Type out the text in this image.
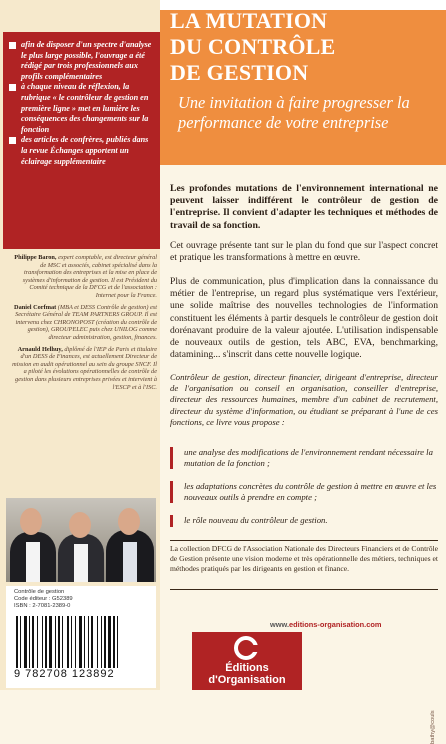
afin de disposer d'un spectre d'analyse le plus large possible, l'ouvrage a été rédigé par trois professionnels aux profils complémentaires
à chaque niveau de réflexion, la rubrique « le contrôleur de gestion en première ligne » met en lumière les conséquences des changements sur la fonction
des articles de confrères, publiés dans la revue Échanges apportent un éclairage supplémentaire
Philippe Baron, expert comptable, est directeur général de MSC et associés, cabinet spécialisé dans la transformation des entreprises et la mise en place de systèmes d'information de gestion. Il est Président du Comité technique de la DFCG et de l'association : Internet pour la France.
Daniel Corfmat (MBA et DESS Contrôle de gestion) est Secrétaire Général de TEAM PARTNERS GROUP. Il est intervenu chez CHRONOPOST (création du contrôle de gestion), GROUPELEC puis chez UNILOG comme directeur administration, gestion, finances.
Arnauld Helhuy, diplômé de l'IEP de Paris et titulaire d'un DESS de Finances, est actuellement Directeur de mission en audit opérationnel au sein du groupe SNCF. Il a piloté les évolutions opérationnelles de contrôle de gestion dans plusieurs entreprises privées et intervient à l'ESCP et à l'ISC.
Contrôle de gestion
Code éditeur : G52389
ISBN : 2-7081-2389-0
9 782708 123892
LA MUTATION
DU CONTRÔLE
DE GESTION
Une invitation à faire progresser la performance de votre entreprise
Les profondes mutations de l'environnement international ne peuvent laisser indifférent le contrôleur de gestion de l'entreprise. Il convient d'adapter les techniques et méthodes de travail de sa fonction.
Cet ouvrage présente tant sur le plan du fond que sur l'aspect concret et pratique les transformations à mettre en œuvre.
Plus de communication, plus d'implication dans la connaissance du métier de l'entreprise, un regard plus systématique vers l'extérieur, une solide maîtrise des nouvelles technologies de l'information constituent les éléments à partir desquels le contrôleur de gestion doit dorénavant produire de la valeur ajoutée. L'utilisation indispensable de nouveaux outils de gestion, tels ABC, EVA, benchmarking, datamining... s'inscrit dans cette nouvelle logique.
Contrôleur de gestion, directeur financier, dirigeant d'entreprise, directeur de l'organisation ou conseil en organisation, conseiller d'entreprise, directeur des ressources humaines, membre d'un cabinet de recrutement, directeur du système d'information, ou étudiant se préparant à l'une de ces fonctions, ce livre vous propose :
une analyse des modifications de l'environnement rendant nécessaire la mutation de la fonction ;
les adaptations concrètes du contrôle de gestion à mettre en œuvre et les nouveaux outils à prendre en compte ;
le rôle nouveau du contrôleur de gestion.
La collection DFCG de l'Association Nationale des Directeurs Financiers et de Contrôle de Gestion présente une vision moderne et très opérationnelle des métiers, techniques et méthodes pratiqués par les dirigeants en gestion et finance.
www.editions-organisation.com
Éditions
d'Organisation
bathy@couls
